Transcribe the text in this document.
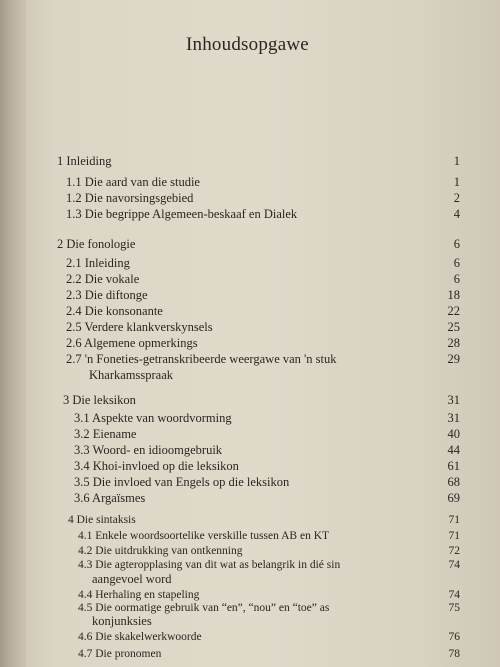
Inhoudsopgawe
1 Inleiding	1
1.1 Die aard van die studie	1
1.2 Die navorsingsgebied	2
1.3 Die begrippe Algemeen-beskaaf en Dialek	4
2 Die fonologie	6
2.1 Inleiding	6
2.2 Die vokale	6
2.3 Die diftonge	18
2.4 Die konsonante	22
2.5 Verdere klankverskynsels	25
2.6 Algemene opmerkings	28
2.7 'n Foneties-getranskribeerde weergawe van 'n stuk	29
Kharkamsspraak
3 Die leksikon	31
3.1 Aspekte van woordvorming	31
3.2 Eiename	40
3.3 Woord- en idioomgebruik	44
3.4 Khoi-invloed op die leksikon	61
3.5 Die invloed van Engels op die leksikon	68
3.6 Argaïsmes	69
4 Die sintaksis	71
4.1 Enkele woordsoortelike verskille tussen AB en KT	71
4.2 Die uitdrukking van ontkenning	72
4.3 Die agteropplasing van dit wat as belangrik in dié sin	74
aangevoel word
4.4 Herhaling en stapeling	74
4.5 Die oormatige gebruik van “en”, “nou” en “toe” as	75
konjunksies
4.6 Die skakelwerkwoorde	76
4.7 Die pronomen	78
